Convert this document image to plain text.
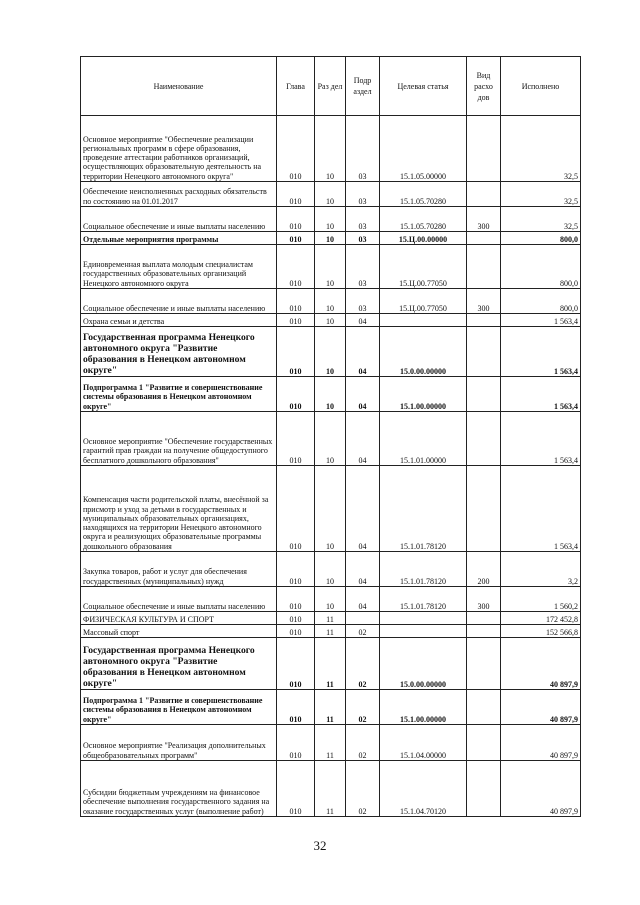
Наименование	Глава	Раз дел	Подр аздел	Целевая статья	Вид расхо дов	Исполнено
Основное мероприятие "Обеспечение реализации региональных программ в сфере образования, проведение аттестации работников организаций, осуществляющих образовательную деятельность на территории Ненецкого автономного округа"	010	10	03	15.1.05.00000		32,5
Обеспечение неисполненных расходных обязательств по состоянию на 01.01.2017	010	10	03	15.1.05.70280		32,5
Социальное обеспечение и иные выплаты населению	010	10	03	15.1.05.70280	300	32,5
Отдельные мероприятия программы	010	10	03	15.Ц.00.00000		800,0
Единовременная выплата молодым специалистам государственных образовательных организаций Ненецкого автономного округа	010	10	03	15.Ц.00.77050		800,0
Социальное обеспечение и иные выплаты населению	010	10	03	15.Ц.00.77050	300	800,0
Охрана семьи и детства	010	10	04			1 563,4
Государственная программа Ненецкого автономного округа "Развитие образования в Ненецком автономном округе"	010	10	04	15.0.00.00000		1 563,4
Подпрограмма 1 "Развитие и совершенствование системы образования в Ненецком автономном округе"	010	10	04	15.1.00.00000		1 563,4
Основное мероприятие "Обеспечение государственных гарантий прав граждан на получение общедоступного бесплатного дошкольного образования"	010	10	04	15.1.01.00000		1 563,4
Компенсация части родительской платы, внесённой за присмотр и уход за детьми в государственных и муниципальных образовательных организациях, находящихся на территории Ненецкого автономного округа и реализующих образовательные программы дошкольного образования	010	10	04	15.1.01.78120		1 563,4
Закупка товаров, работ и услуг для обеспечения государственных (муниципальных) нужд	010	10	04	15.1.01.78120	200	3,2
Социальное обеспечение и иные выплаты населению	010	10	04	15.1.01.78120	300	1 560,2
ФИЗИЧЕСКАЯ КУЛЬТУРА И СПОРТ	010	11				172 452,8
Массовый спорт	010	11	02			152 566,8
Государственная программа Ненецкого автономного округа "Развитие образования в Ненецком автономном округе"	010	11	02	15.0.00.00000		40 897,9
Подпрограмма 1 "Развитие и совершенствование системы образования в Ненецком автономном округе"	010	11	02	15.1.00.00000		40 897,9
Основное мероприятие "Реализация дополнительных общеобразовательных программ"	010	11	02	15.1.04.00000		40 897,9
Субсидии бюджетным учреждениям на финансовое обеспечение выполнения государственного задания на оказание государственных услуг (выполнение работ)	010	11	02	15.1.04.70120		40 897,9
32
